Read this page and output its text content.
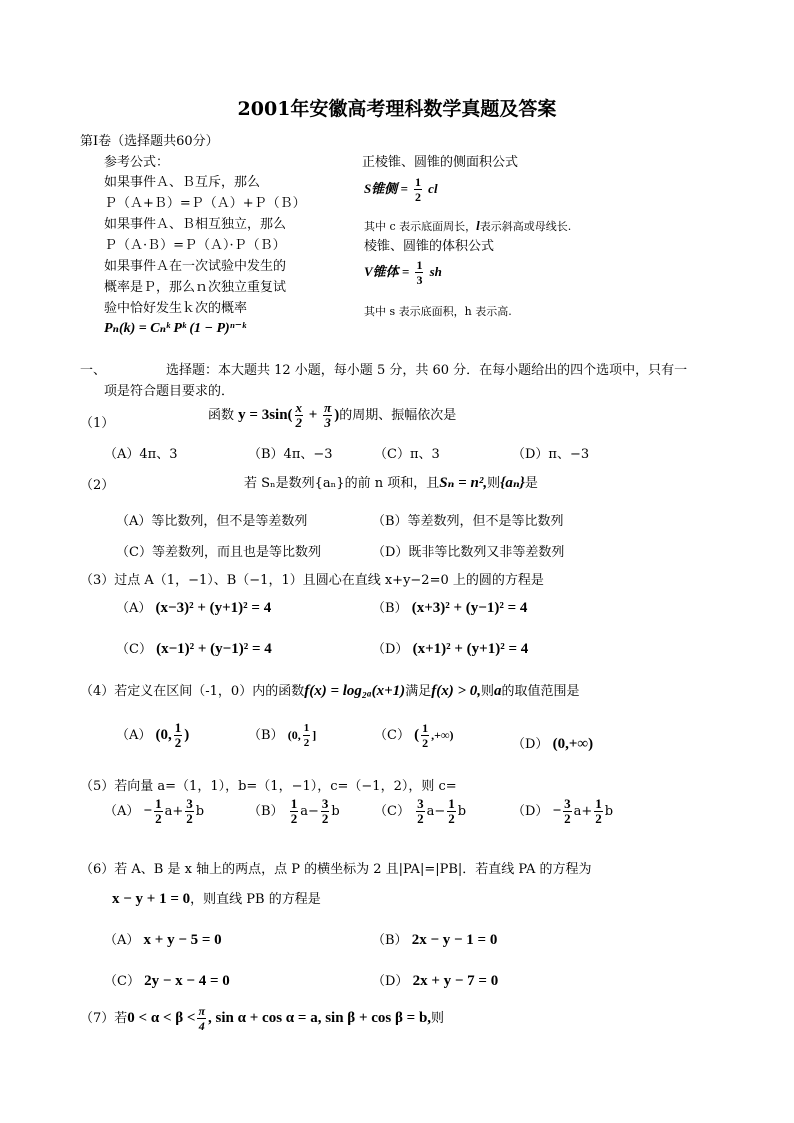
2001年安徽高考理科数学真题及答案
第Ⅰ卷（选择题共60分）
参考公式：
如果事件Ａ、Ｂ互斥，那么
Ｐ（Ａ+Ｂ）=Ｐ（Ａ）+Ｐ（Ｂ）
如果事件Ａ、Ｂ相互独立，那么
Ｐ（Ａ·Ｂ）=Ｐ（Ａ）·Ｐ（Ｂ）
如果事件Ａ在一次试验中发生的
概率是Ｐ，那么ｎ次独立重复试
验中恰好发生ｋ次的概率
Pₙ(k) = Cₙᵏ Pᵏ (1 − P)ⁿ⁻ᵏ
正棱锥、圆锥的侧面积公式
S锥侧 = $\frac{1}{2}$ cl
其中 c 表示底面周长，l表示斜高或母线长.
棱锥、圆锥的体积公式
V锥体 = $\frac{1}{3}$ sh
其中 s 表示底面积，h 表示高.
一、	选择题：本大题共 12 小题，每小题 5 分，共 60 分．在每小题给出的四个选项中，只有一
项是符合题目要求的．
（1）
函数 $y = 3\sin( \frac{x}{2} + \frac{\pi}{3}$ )的周期、振幅依次是
（A）4π、3	（B）4π、−3	（C）π、3	（D）π、−3
（2）	若 Sₙ是数列{aₙ}的前 n 项和，且Sₙ = n²,则{aₙ}是
（A）等比数列，但不是等差数列	（B）等差数列，但不是等比数列
（C）等差数列，而且也是等比数列	（D）既非等比数列又非等差数列
（3）过点 A（1，−1）、B（−1，1）且圆心在直线 x+y−2=0 上的圆的方程是
（A） (x−3)² + (y+1)² = 4	（B） (x+3)² + (y−1)² = 4
（C） (x−1)² + (y−1)² = 4	（D） (x+1)² + (y+1)² = 4
（4）若定义在区间（-1，0）内的函数f(x) = log₂ₐ(x+1)满足f(x) > 0,则a的取值范围是
（A） (0, $\frac{1}{2}$ )	（B） (0, $\frac{1}{2}$ ]	（C） ( $\frac{1}{2}$ ,+∞)
（D） (0,+∞)
（5）若向量 a=（1，1），b=（1，−1），c=（−1，2），则 c=
$(A) - \frac{1}{2} a+ \frac{3}{2}$ b	$(B) \frac{1}{2} a- \frac{3}{2}$ b	$(C) \frac{3}{2} a- \frac{1}{2}$ b	$(D) - \frac{3}{2} a+ \frac{1}{2}$ b
（6）若 A、B 是 x 轴上的两点，点 P 的横坐标为 2 且|PA|=|PB|．若直线 PA 的方程为
x − y + 1 = 0，则直线 PB 的方程是
（A） x + y − 5 = 0	（B） 2x − y − 1 = 0
（C） 2y − x − 4 = 0	（D） 2x + y − 7 = 0
（7）若$0 < \alpha < \beta < \frac{\pi}{4}$ , sin α + cos α = a, sin β + cos β = b,则
